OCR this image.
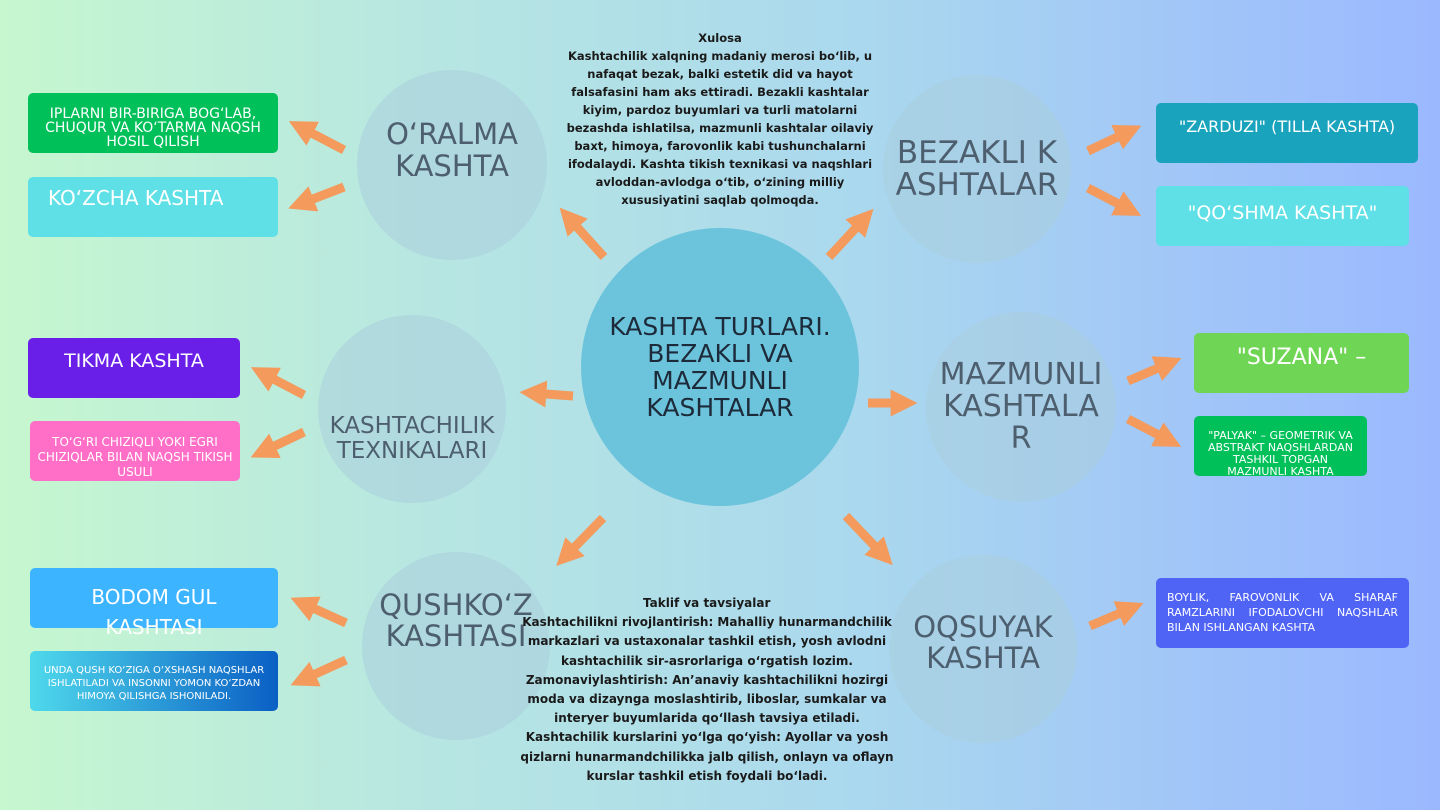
KASHTA TURLARI. BEZAKLI VA MAZMUNLI KASHTALAR
O‘RALMA KASHTA	BEZAKLI KASHTALAR
KASHTACHILIK TEXNIKALARI
MAZMUNLI KASHTALAR
QUSHKO‘Z KASHTASI	OQSUYAK KASHTA
IPLARNI BIR-BIRIGA BOG‘LAB, CHUQUR VA KO‘TARMA NAQSH HOSIL QILISH
KO‘ZCHA KASHTA
TIKMA KASHTA
TO‘G‘RI CHIZIQLI YOKI EGRI CHIZIQLAR BILAN NAQSH TIKISH USULI
BODOM GUL KASHTASI
UNDA QUSH KO‘ZIGA O‘XSHASH NAQSHLAR ISHLATILADI VA INSONNI YOMON KO‘ZDAN HIMOYA QILISHGA ISHONILADI.
"ZARDUZI" (TILLA KASHTA)
"QO‘SHMA KASHTA"
"SUZANA" –
"PALYAK" – GEOMETRIK VA ABSTRAKT NAQSHLARDAN TASHKIL TOPGAN MAZMUNLI KASHTA
BOYLIK, FAROVONLIK VA SHARAF RAMZLARINI IFODALOVCHI NAQSHLAR BILAN ISHLANGAN KASHTA
Xulosa
Kashtachilik xalqning madaniy merosi bo‘lib, u nafaqat bezak, balki estetik did va hayot falsafasini ham aks ettiradi. Bezakli kashtalar kiyim, pardoz buyumlari va turli matolarni bezashda ishlatilsa, mazmunli kashtalar oilaviy baxt, himoya, farovonlik kabi tushunchalarni ifodalaydi. Kashta tikish texnikasi va naqshlari avloddan-avlodga o‘tib, o‘zining milliy xususiyatini saqlab qolmoqda.
Taklif va tavsiyalar
Kashtachilikni rivojlantirish: Mahalliy hunarmandchilik markazlari va ustaxonalar tashkil etish, yosh avlodni kashtachilik sir-asrorlariga o‘rgatish lozim.
Zamonaviylashtirish: An’anaviy kashtachilikni hozirgi moda va dizaynga moslashtirib, liboslar, sumkalar va interyer buyumlarida qo‘llash tavsiya etiladi.
Kashtachilik kurslarini yo‘lga qo‘yish: Ayollar va yosh qizlarni hunarmandchilikka jalb qilish, onlayn va oflayn kurslar tashkil etish foydali bo‘ladi.
